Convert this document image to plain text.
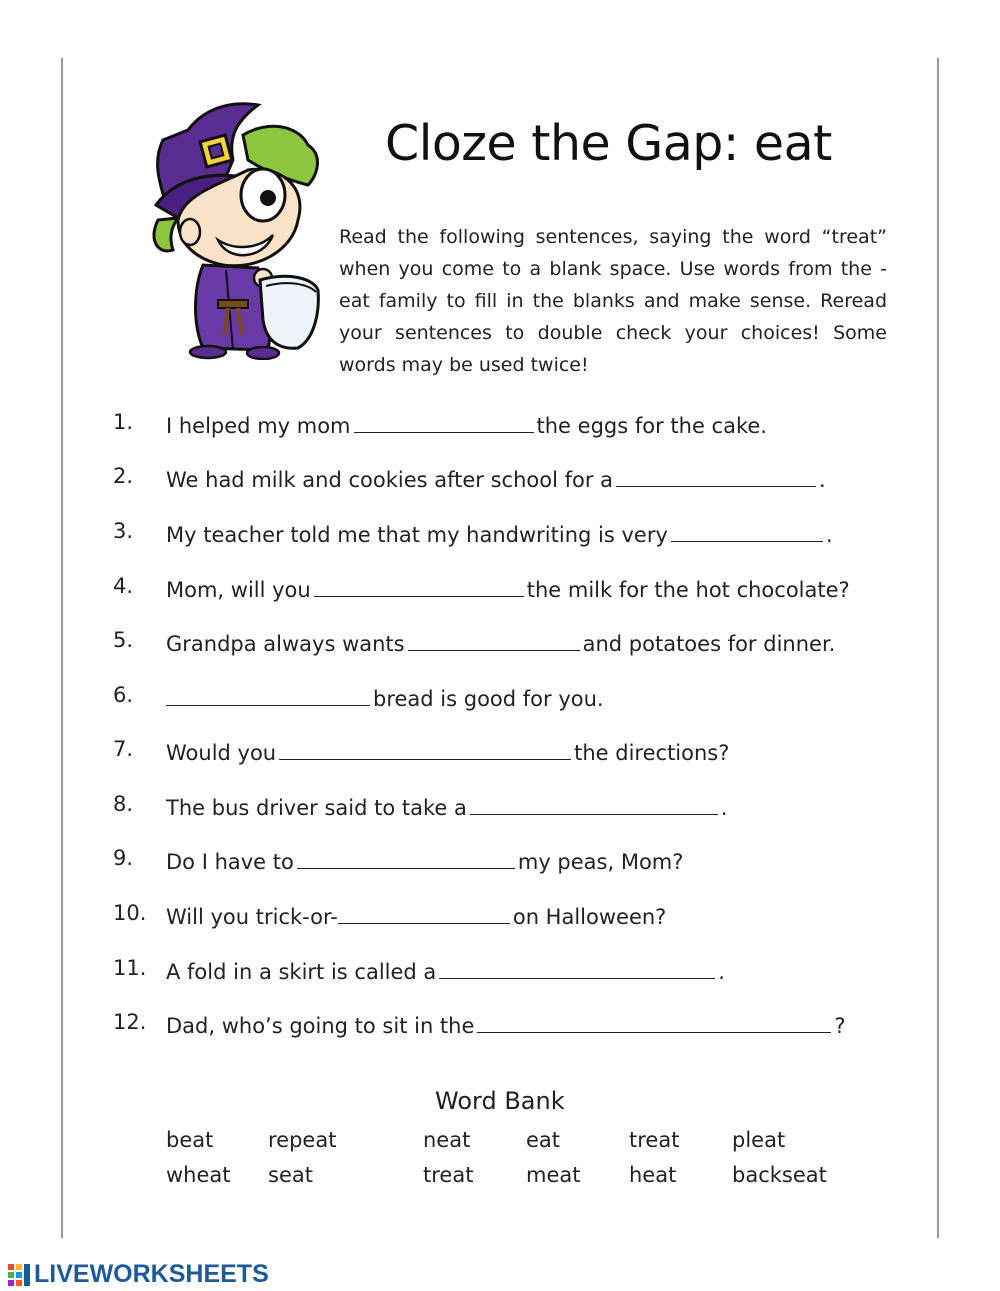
Cloze the Gap: eat
Read the following sentences, saying the word “treat” when you come to a blank space. Use words from the -eat family to fill in the blanks and make sense. Reread your sentences to double check your choices! Some words may be used twice!
1. I helped my mom	the eggs for the cake.
2. We had milk and cookies after school for a	.
3. My teacher told me that my handwriting is very	.
4. Mom, will you	the milk for the hot chocolate?
5. Grandpa always wants	and potatoes for dinner.
6.	bread is good for you.
7. Would you	the directions?
8. The bus driver said to take a	.
9. Do I have to	my peas, Mom?
10. Will you trick-or-	on Halloween?
11. A fold in a skirt is called a	.
12. Dad, who’s going to sit in the	?
Word Bank
beat	repeat	neat	eat	treat	pleat
wheat seat	treat	meat heat	backseat
LIVEWORKSHEETS
